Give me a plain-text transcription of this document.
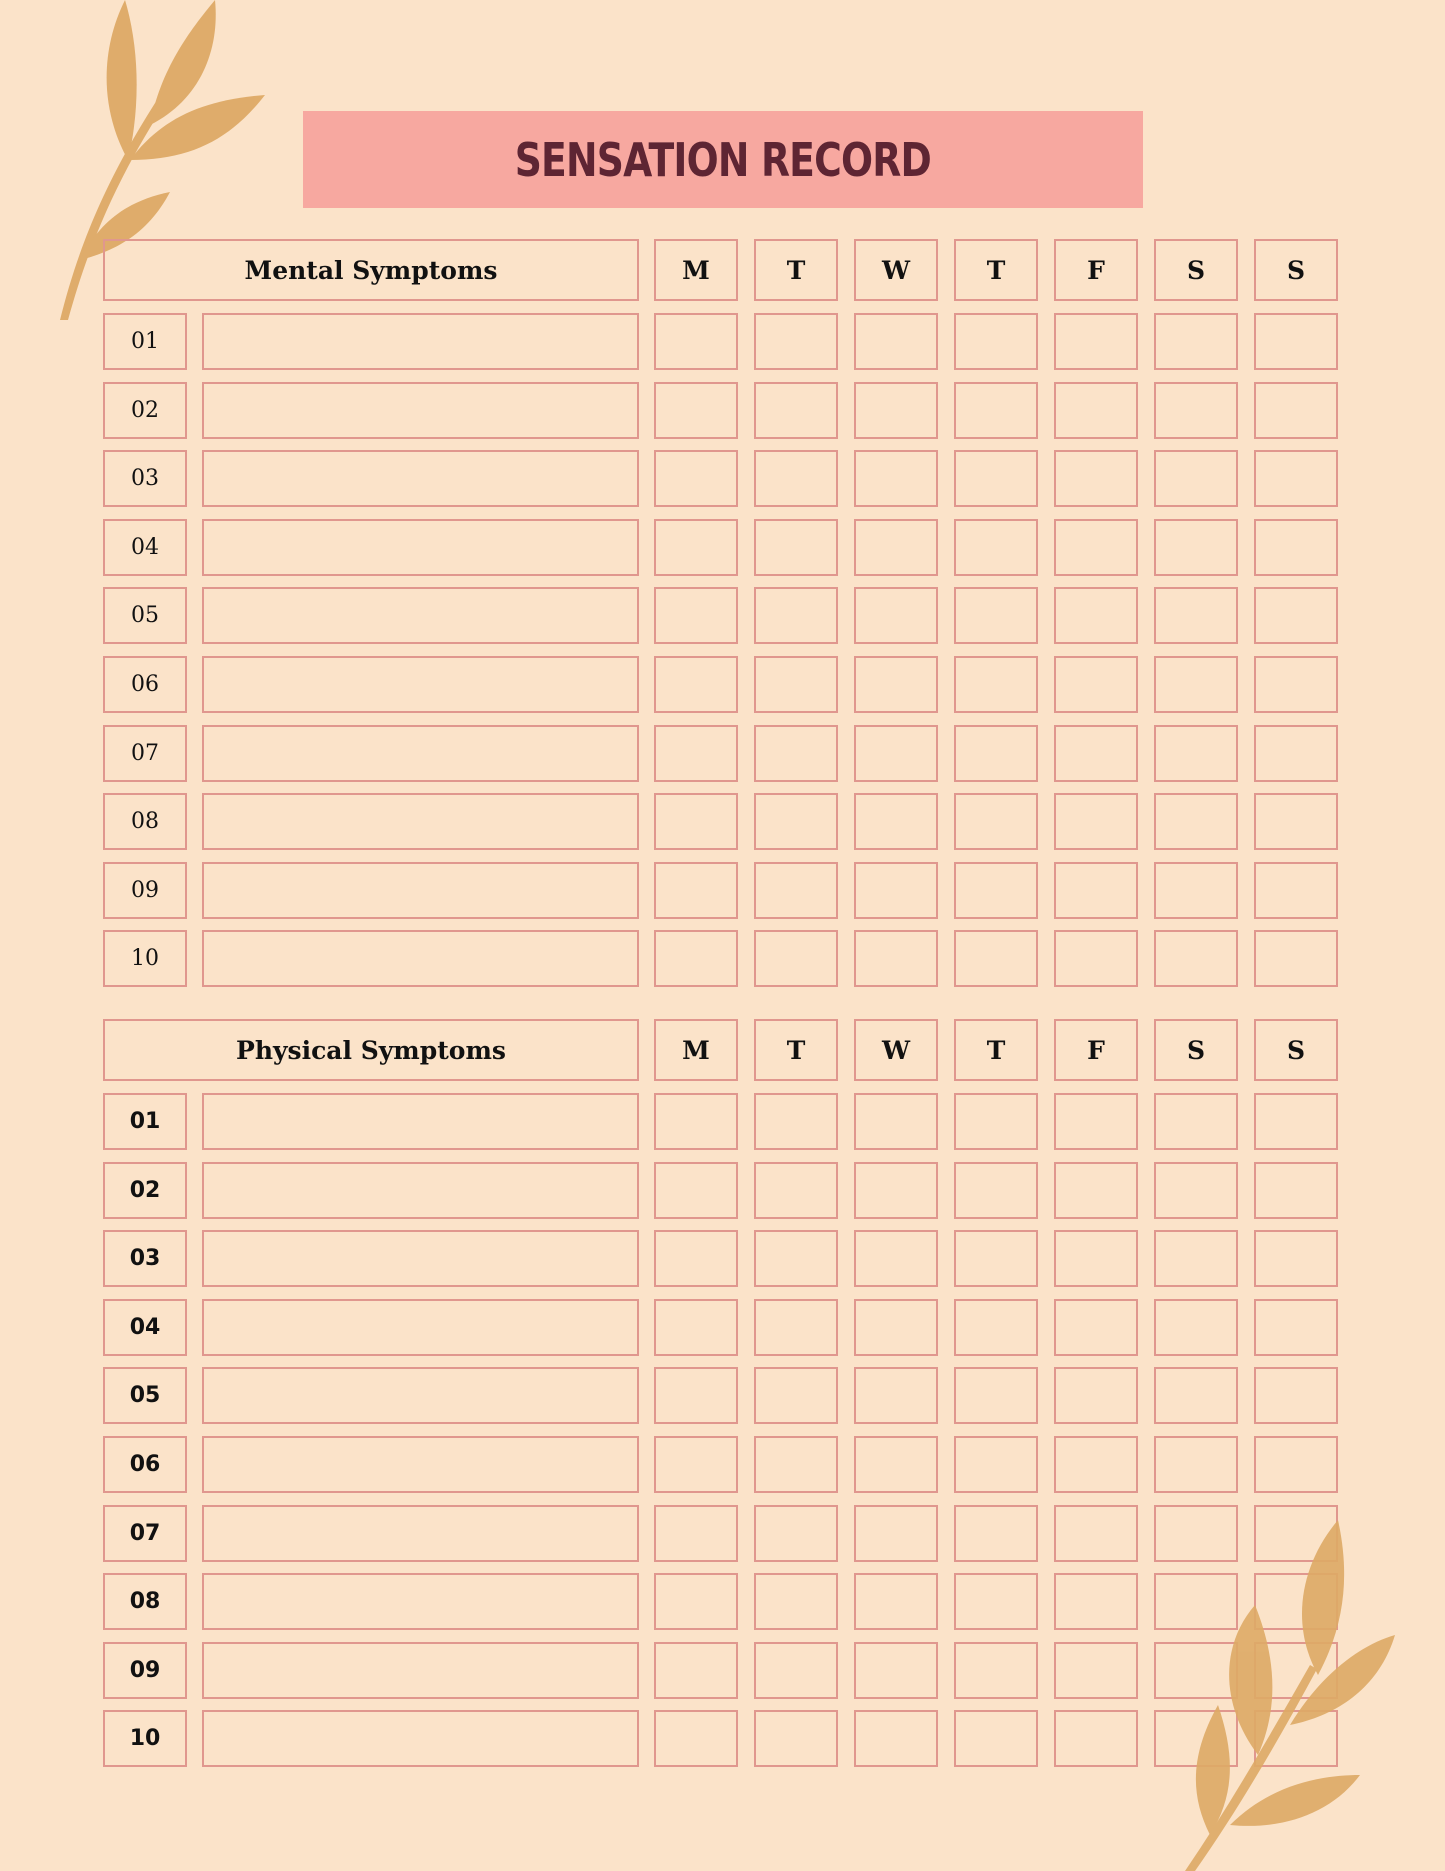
SENSATION RECORD
Mental Symptoms	M	T	W	T	F	S	S
01
02
03
04
05
06
07
08
09
10
Physical Symptoms	M	T	W	T	F	S	S
01
02
03
04
05
06
07
08
09
10
